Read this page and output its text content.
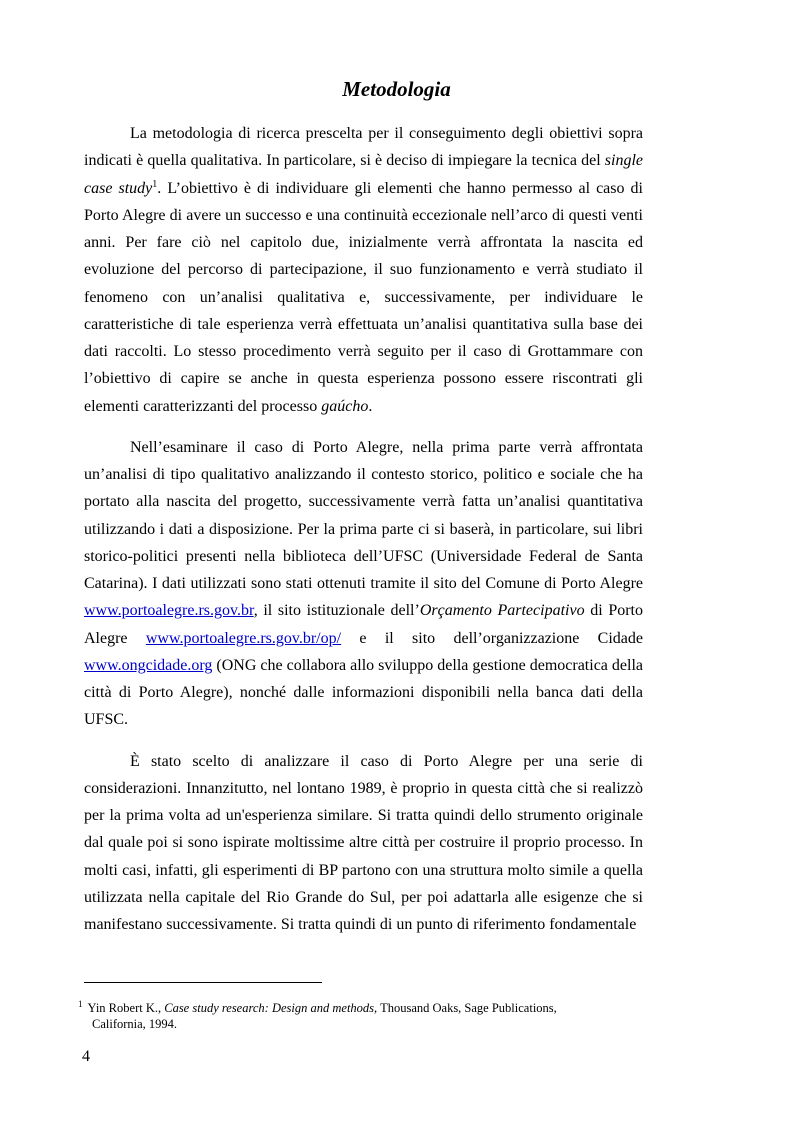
Metodologia

La metodologia di ricerca prescelta per il conseguimento degli obiettivi sopra indicati è quella qualitativa. In particolare, si è deciso di impiegare la tecnica del single case study$^1$. L’obiettivo è di individuare gli elementi che hanno permesso al caso di Porto Alegre di avere un successo e una continuità eccezionale nell’arco di questi venti anni. Per fare ciò nel capitolo due, inizialmente verrà affrontata la nascita ed evoluzione del percorso di partecipazione, il suo funzionamento e verrà studiato il fenomeno con un’analisi qualitativa e, successivamente, per individuare le caratteristiche di tale esperienza verrà effettuata un’analisi quantitativa sulla base dei dati raccolti. Lo stesso procedimento verrà seguito per il caso di Grottammare con l’obiettivo di capire se anche in questa esperienza possono essere riscontrati gli elementi caratterizzanti del processo gaúcho.

Nell’esaminare il caso di Porto Alegre, nella prima parte verrà affrontata un’analisi di tipo qualitativo analizzando il contesto storico, politico e sociale che ha portato alla nascita del progetto, successivamente verrà fatta un’analisi quantitativa utilizzando i dati a disposizione. Per la prima parte ci si baserà, in particolare, sui libri storico-politici presenti nella biblioteca dell’UFSC (Universidade Federal de Santa Catarina). I dati utilizzati sono stati ottenuti tramite il sito del Comune di Porto Alegre www.portoalegre.rs.gov.br, il sito istituzionale dell’Orçamento Partecipativo di Porto Alegre www.portoalegre.rs.gov.br/op/ e il sito dell’organizzazione Cidade www.ongcidade.org (ONG che collabora allo sviluppo della gestione democratica della città di Porto Alegre), nonché dalle informazioni disponibili nella banca dati della UFSC.

È stato scelto di analizzare il caso di Porto Alegre per una serie di considerazioni. Innanzitutto, nel lontano 1989, è proprio in questa città che si realizzò per la prima volta ad un'esperienza similare. Si tratta quindi dello strumento originale dal quale poi si sono ispirate moltissime altre città per costruire il proprio processo. In molti casi, infatti, gli esperimenti di BP partono con una struttura molto simile a quella utilizzata nella capitale del Rio Grande do Sul, per poi adattarla alle esigenze che si manifestano successivamente. Si tratta quindi di un punto di riferimento fondamentale

$^1$ Yin Robert K., Case study research: Design and methods, Thousand Oaks, Sage Publications,
California, 1994.

4
